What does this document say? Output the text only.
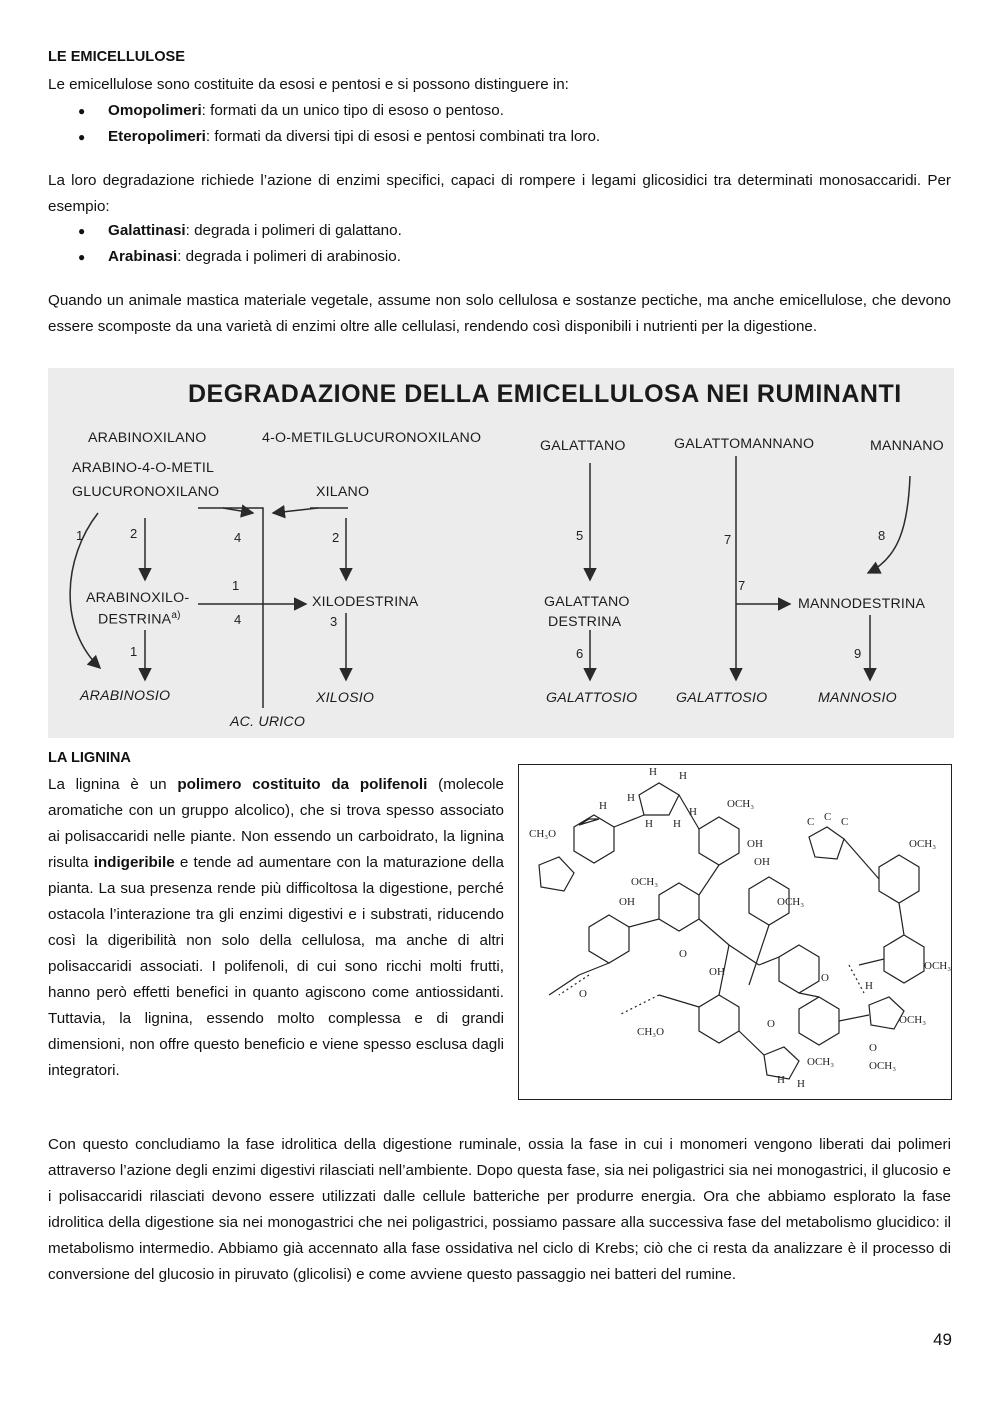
LE EMICELLULOSE
Le emicellulose sono costituite da esosi e pentosi e si possono distinguere in:
● Omopolimeri: formati da un unico tipo di esoso o pentoso.
● Eteropolimeri: formati da diversi tipi di esosi e pentosi combinati tra loro.
La loro degradazione richiede l’azione di enzimi specifici, capaci di rompere i legami glicosidici tra determinati monosaccaridi. Per esempio:
● Galattinasi: degrada i polimeri di galattano.
● Arabinasi: degrada i polimeri di arabinosio.
Quando un animale mastica materiale vegetale, assume non solo cellulosa e sostanze pectiche, ma anche emicellulose, che devono essere scomposte da una varietà di enzimi oltre alle cellulasi, rendendo così disponibili i nutrienti per la digestione.
DEGRADAZIONE DELLA EMICELLULOSA NEI RUMINANTI
ARABINOXILANO	4-O-METILGLUCURONOXILANO	GALATTANO	GALATTOMANNANO	MANNANO
ARABINO-4-O-METIL
GLUCURONOXILANO	XILANO
1	2	4	2	5	7	8
1
4	3
7
6	9
1
ARABINOXILO-
DESTRINA$^{a)}$
XILODESTRINA	GALATTANO
DESTRINA
MANNODESTRINA
ARABINOSIO	XILOSIO	GALATTOSIO	GALATTOSIO	MANNOSIO
AC. URICO
LA LIGNINA
La lignina è un polimero costituito da polifenoli (molecole aromatiche con un gruppo alcolico), che si trova spesso associato ai polisaccaridi nelle piante. Non essendo un carboidrato, la lignina risulta indigeribile e tende ad aumentare con la maturazione della pianta. La sua presenza rende più difficoltosa la digestione, perché ostacola l’interazione tra gli enzimi digestivi e i substrati, riducendo così la digeribilità non solo della cellulosa, ma anche di altri polisaccaridi associati. I polifenoli, di cui sono ricchi molti frutti, hanno però effetti benefici in quanto agiscono come antiossidanti. Tuttavia, la lignina, essendo molto complessa e di grandi dimensioni, non offre questo beneficio e viene spesso esclusa dagli integratori.
H H
H
H
H H
H
C C C
OCH₃
OH
CH₃O
OH
OCH₃
OH
OCH₃
OCH₃
OCH₃
OCH₃
O
O
O
O
OH
CH₃O
OCH₃
OCH₃
H H
H
O
Con questo concludiamo la fase idrolitica della digestione ruminale, ossia la fase in cui i monomeri vengono liberati dai polimeri attraverso l’azione degli enzimi digestivi rilasciati nell’ambiente. Dopo questa fase, sia nei poligastrici sia nei monogastrici, il glucosio e i polisaccaridi rilasciati devono essere utilizzati dalle cellule batteriche per produrre energia. Ora che abbiamo esplorato la fase idrolitica della digestione sia nei monogastrici che nei poligastrici, possiamo passare alla successiva fase del metabolismo glucidico: il metabolismo intermedio. Abbiamo già accennato alla fase ossidativa nel ciclo di Krebs; ciò che ci resta da analizzare è il processo di conversione del glucosio in piruvato (glicolisi) e come avviene questo passaggio nei batteri del rumine.
49
